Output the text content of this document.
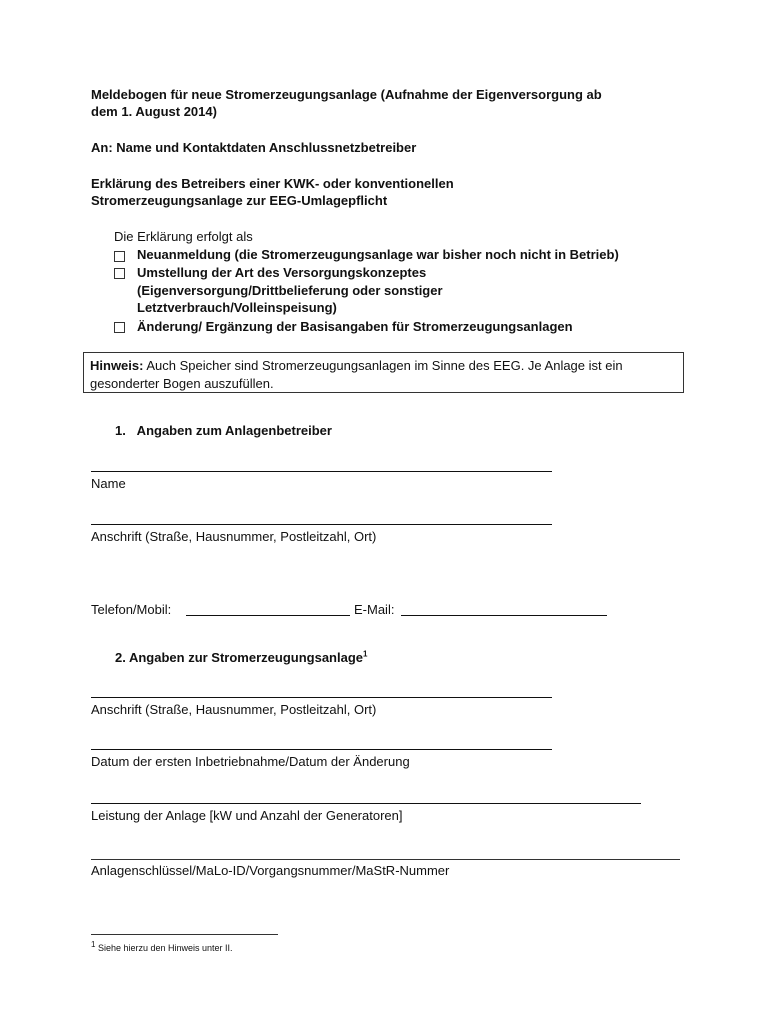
Meldebogen für neue Stromerzeugungsanlage (Aufnahme der Eigenversorgung ab
dem 1. August 2014)
An: Name und Kontaktdaten Anschlussnetzbetreiber
Erklärung des Betreibers einer KWK- oder konventionellen
Stromerzeugungsanlage zur EEG-Umlagepflicht
Die Erklärung erfolgt als
Neuanmeldung (die Stromerzeugungsanlage war bisher noch nicht in Betrieb)
Umstellung der Art des Versorgungskonzeptes
(Eigenversorgung/Drittbelieferung oder sonstiger
Letztverbrauch/Volleinspeisung)
Änderung/ Ergänzung der Basisangaben für Stromerzeugungsanlagen
Hinweis: Auch Speicher sind Stromerzeugungsanlagen im Sinne des EEG. Je Anlage ist ein gesonderter Bogen auszufüllen.
1.   Angaben zum Anlagenbetreiber
Name
Anschrift (Straße, Hausnummer, Postleitzahl, Ort)
Telefon/Mobil:	E-Mail:
2. Angaben zur Stromerzeugungsanlage$^1$
Anschrift (Straße, Hausnummer, Postleitzahl, Ort)
Datum der ersten Inbetriebnahme/Datum der Änderung
Leistung der Anlage [kW und Anzahl der Generatoren]
Anlagenschlüssel/MaLo-ID/Vorgangsnummer/MaStR-Nummer
$^1$ Siehe hierzu den Hinweis unter II.
